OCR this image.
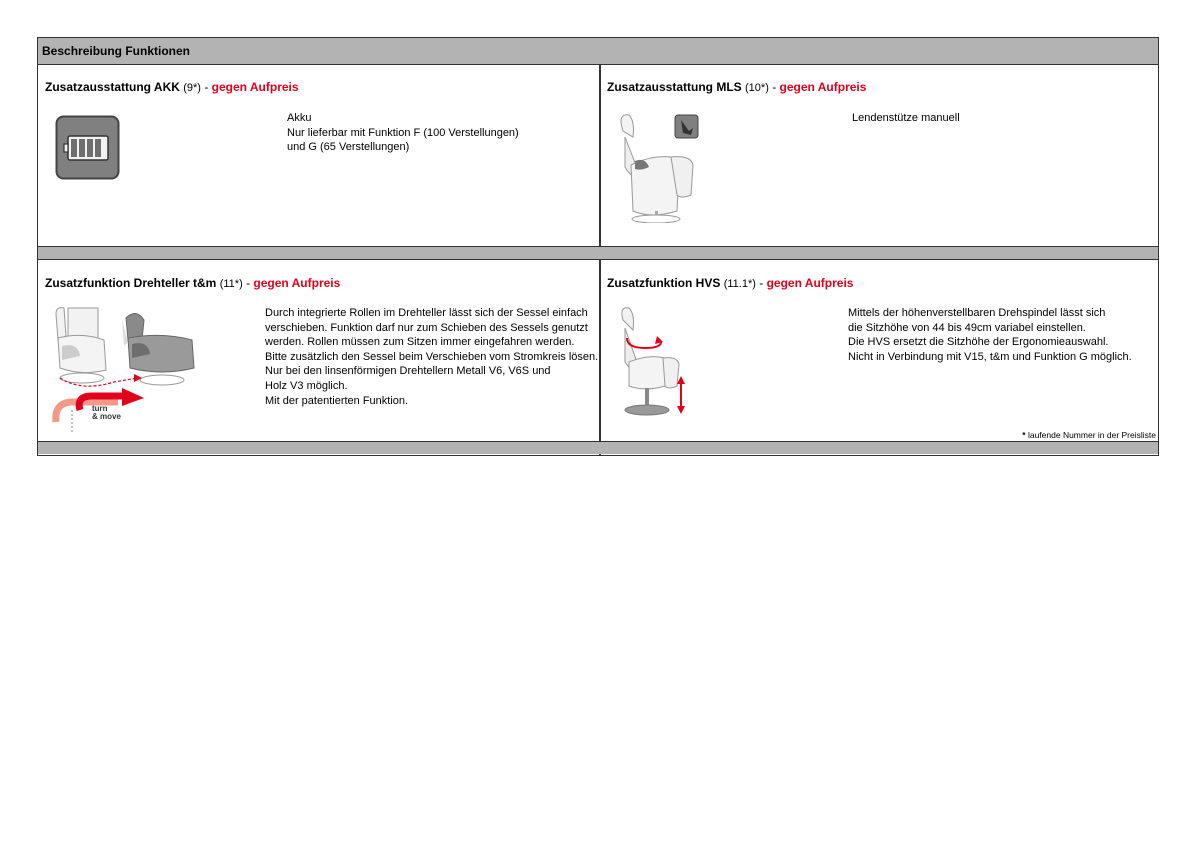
Beschreibung Funktionen
Zusatzausstattung AKK (9*) - gegen Aufpreis
Akku
Nur lieferbar mit Funktion F (100 Verstellungen)
und G (65 Verstellungen)
Zusatzausstattung MLS (10*) - gegen Aufpreis
Lendenstütze manuell
Zusatzfunktion Drehteller t&m (11*) - gegen Aufpreis
turn
& move
Durch integrierte Rollen im Drehteller lässt sich der Sessel einfach
verschieben. Funktion darf nur zum Schieben des Sessels genutzt
werden. Rollen müssen zum Sitzen immer eingefahren werden.
Bitte zusätzlich den Sessel beim Verschieben vom Stromkreis lösen.
Nur bei den linsenförmigen Drehtellern Metall V6, V6S und
Holz V3 möglich.
Mit der patentierten Funktion.
Zusatzfunktion HVS (11.1*) - gegen Aufpreis
Mittels der höhenverstellbaren Drehspindel lässt sich
die Sitzhöhe von 44 bis 49cm variabel einstellen.
Die HVS ersetzt die Sitzhöhe der Ergonomieauswahl.
Nicht in Verbindung mit V15, t&m und Funktion G möglich.
* laufende Nummer in der Preisliste
